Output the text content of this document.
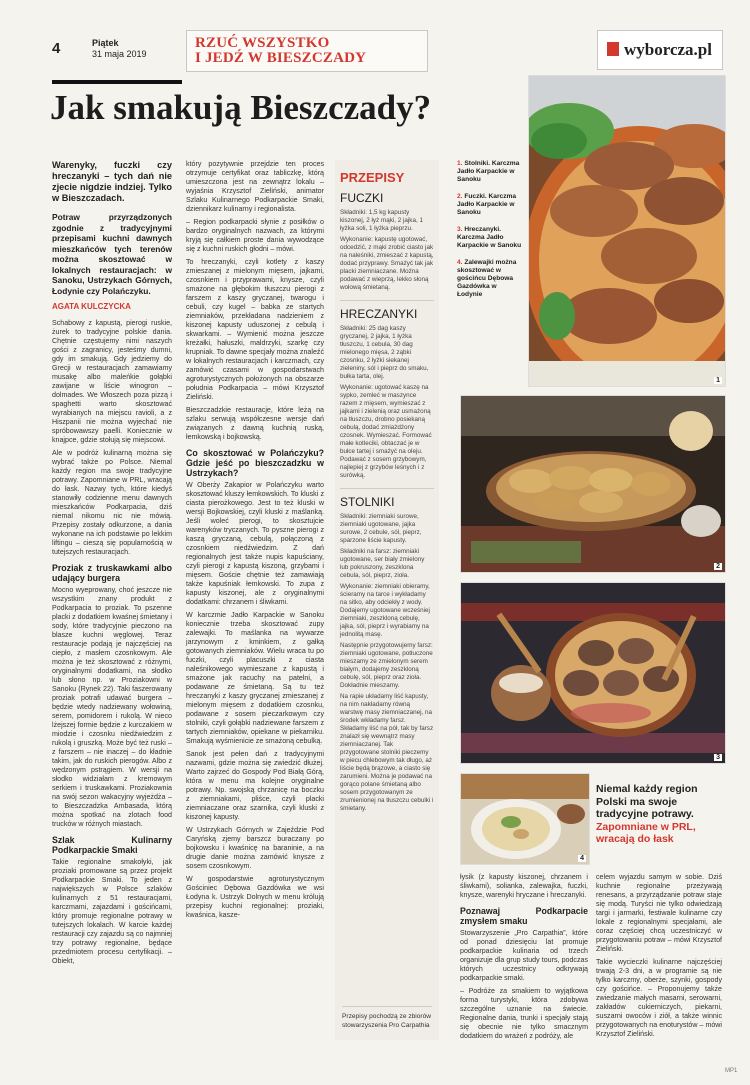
4	Piątek
31 maja 2019
RZUĆ WSZYSTKO
I JEDŹ W BIESZCZADY	wyborcza.pl
Jak smakują Bieszczady?

Warenyky, fuczki czy hreczanyki – tych dań nie zjecie nigdzie indziej. Tylko w Bieszczadach.

Potraw przyrządzonych zgodnie z tradycyjnymi przepisami kuchni dawnych mieszkańców tych terenów można skosztować w lokalnych restauracjach: w Sanoku, Ustrzykach Górnych, Łodynie czy Polańczyku.

AGATA KULCZYCKA

Schabowy z kapustą, pierogi ruskie, żurek to tradycyjne polskie dania. Chętnie częstujemy nimi naszych gości z zagranicy, jesteśmy dumni, gdy im smakują. Gdy jedziemy do Grecji w restauracjach zamawiamy musakę albo maleńkie gołąbki zawijane w liście winogron – dolmades. We Włoszech poza pizzą i spaghetti warto skosztować wyrabianych na miejscu ravioli, a z Hiszpanii nie można wyjechać nie spróbowawszy paelli. Koniecznie w knajpce, gdzie stołują się miejscowi.

Ale w podróż kulinarną można się wybrać także po Polsce. Niemal każdy region ma swoje tradycyjne potrawy. Zapomniane w PRL, wracają do łask. Nazwy tych, które kiedyś stanowiły codzienne menu dawnych mieszkańców Podkarpacia, dziś niemal nikomu nic nie mówią. Przepisy zostały odkurzone, a dania wykonane na ich podstawie po lekkim liftingu – cieszą się popularnością w tutejszych restauracjach.

Proziak z truskawkami albo udający burgera

Mocno wyeprowany, choć jeszcze nie wszystkim znany produkt z Podkarpacia to proziak. To pszenne placki z dodatkiem kwaśnej śmietany i sody, które tradycyjnie pieczono na blasze kuchni węglowej. Teraz restauracje podają je najczęściej na ciepło, z masłem czosnkowym. Ale można je też skosztować z różnymi, oryginalnymi dodatkami, na słodko lub słono np. w Proziakowni w Sanoku (Rynek 22). Taki faszerowany proziak potrafi udawać burgera – będzie wtedy nadziewany wołowiną, serem, pomidorem i rukolą. W nieco lżejszej formie będzie z kurczakiem w miodzie i czosnku niedźwiedzim z rukolą i gruszką. Może być też ruski – z farszem – nie inaczej – do kładnie takim, jak do ruskich pierogów. Albo z wędzonym pstrągiem. W wersji na słodko widziałam z kremowym serkiem i truskawkami. Proziakownia na swój sezon wakacyjny wyjeżdża – to Bieszczadzka Ambasada, którą można spotkać na zlotach food trucków w różnych miastach.

Szlak Kulinarny Podkarpackie Smaki

Takie regionalne smakołyki, jak proziaki promowane są przez projekt Podkarpackie Smaki. To jeden z największych w Polsce szlaków kulinarnych z 51 restauracjami, karczmami, zajazdami i gościńcami, który promuje regionalne potrawy w tutejszych lokalach. W karcie każdej restauracji czy zajazdu są co najmniej trzy potrawy regionalne, będące przedmiotem procesu certyfikacji. – Obiekt,

który pozytywnie przejdzie ten proces otrzymuje certyfikat oraz tabliczkę, którą umieszczona jest na zewnątrz lokalu – wyjaśnia Krzysztof Zieliński, animator Szlaku Kulinarnego Podkarpackie Smaki, dziennikarz kulinarny i regionalista.

– Region podkarpacki słynie z posiłków o bardzo oryginalnych nazwach, za którymi kryją się całkiem proste dania wywodzące się z kuchni ruskich głodni – mówi.

To hreczanyki, czyli kotlety z kaszy zmieszanej z mielonym mięsem, jajkami, czosnkiem i przyprawami, knysze, czyli smażone na głębokim tłuszczu pierogi z farszem z kaszy gryczanej, twarogu i cebuli, czy kugel – babka ze startych ziemniaków, przekładana nadzieniem z kiszonej kapusty uduszonej z cebulą i skwarkami. – Wymienić można jeszcze kreżałki, hałuszki, maldrzyki, szarkę czy krupniak. To dawne specjały można znaleźć w lokalnych restauracjach i karczmach, czy zamówić czasami w gospodarstwach agroturystycznych położonych na obszarze południa Podkarpacia – mówi Krzysztof Zieliński.

Bieszczadzkie restauracje, które leżą na szlaku serwują współczesne wersje dań związanych z dawną kuchnią ruską, łemkowską i bojkowską.

Co skosztować w Polańczyku? Gdzie jeść po bieszczadzku w Ustrzykach?

W Oberży Zakapior w Polańczyku warto skosztować kluszy łemkowskich. To kluski z ciasta pierożkowego. Jest to też kluski w wersji Bojkowskiej, czyli kluski z maślanką. Jeśli woleć pierogi, to skosztujcie warenyków tryczanych. To pyszne pierogi z kaszą gryczaną, cebulą, połączoną z czosnkiem niedźwiedzim. Z dań regionalnych jest także nupis kapuściany, czyli pierogi z kapustą kiszoną, grzybami i mięsem. Goście chętnie też zamawiają także kapuśniak łemkowski. To zupa z kapusty kiszonej, ale z oryginalnymi dodatkami: chrzanem i śliwkami.

W karczmie Jadło Karpackie w Sanoku koniecznie trzeba skosztować zupy zalewajki. To maślanka na wywarze jarzynowym z kminkiem, z gałką gotowanych ziemniaków. Wielu wraca tu po fuczki, czyli placuszki z ciasta naleśnikowego wymieszane z kapustą i smażone jak racuchy na patelni, a podawane ze śmietaną. Są tu też hreczanyki z kaszy gryczanej zmieszanej z mielonym mięsem z dodatkiem czosnku, podawane z sosem pieczarkowym czy stolniki, czyli gołąbki nadziewane farszem z tartych ziemniaków, opiekane w piekarniku. Smakują wyśmienicie ze smażoną cebulką.

Sanok jest pełen dań z tradycyjnymi nazwami, gdzie można się zwiedzić dłużej. Warto zajrzeć do Gospody Pod Białą Górą, która w menu ma kolejne oryginalne potrawy. Np. swojską chrzanicę na boczku z ziemniakami, pliśce, czyli placki ziemniaczane oraz szarnika, czyli kluski z kiszonej kapusty.

W Ustrzykach Górnych w Zajeździe Pod Caryńską zjemy barszcz buraczany po bojkowsku i kwaśnicę na baraninie, a na drugie danie można zamówić knysze z sosem czosnkowym.

W gospodarstwie agroturystycznym Gościniec Dębowa Gazdówka we wsi Łodyna k. Ustrzyk Dolnych w menu królują przepisy kuchni regionalnej: proziaki, kwaśnica, kasze-

PRZEPISY
FUCZKI

Składniki: 1,5 kg kapusty kiszonej, 2 łyż mąki, 2 jajka, 1 łyżka soli, 1 łyżka pieprzu.

Wykonanie: kapustę ugotować, odcedzić, z mąki zrobić ciasto jak na naleśniki, zmieszać z kapustą, dodać przyprawy. Smażyć tak jak placki ziemniaczane. Można podawać z wieprzą, lekko słoną wołową śmietaną.

HRECZANYKI

Składniki: 25 dag kaszy gryczanej, 2 jajka, 1 łyżka tłuszczu, 1 cebula, 30 dag mielonego mięsa, 2 ząbki czosnku, 2 łyżki siekanej zieleniny, sól i pieprz do smaku, bułka tarta, olej.

Wykonanie: ugotować kaszę na sypko, zemleć w maszynce razem z mięsem, wymieszać z jajkami i zielenią oraz usmażoną na tłuszczu, drobno posiekaną cebulą, dodać zmiażdżony czosnek. Wymieszać. Formować małe kotleciki, obtaczać je w bułce tartej i smażyć na oleju. Podawać z sosem grzybowym, najlepiej z grzybów leśnych i z surówką.

STOLNIKI

Składniki: ziemniaki surowe, ziemniaki ugotowane, jajka surowe, 2 cebule, sól, pieprz, sparzone liście kapusty.

Składniki na farsz: ziemniaki ugotowane, ser biały zmielony lub pokruszony, zeszklona cebula, sól, pieprz, zioła.

Wykonanie: ziemniaki obieramy, ścieramy na tarce i wykładamy na sitko, aby odciekły z wody. Dodajemy ugotowane wcześniej ziemniaki, zeszkloną cebulę, jajka, sól, pieprz i wyrabiamy na jednolitą masę.

Następnie przygotowujemy farsz: ziemniaki ugotowane, potłuczone mieszamy ze zmielonym serem białym, dodajemy zeszkloną cebulę, sól, pieprz oraz zioła. Dokładnie mieszamy.

Na rapie układamy liść kapusty, na nim nakładamy równą warstwę masy ziemniaczanej, na środek wkładamy farsz. Składamy liść na pół, tak by farsz znalazł się wewnątrz masy ziemniaczanej. Tak przygotowane stolniki pieczemy w piecu chlebowym tak długo, aż liście będą brązowe, a ciasto się zarumieni. Można je podawać na gorąco polane śmietaną albo sosem przygotowanym ze zrumienionej na tłuszczu cebulki i śmietany.

Przepisy pochodzą ze zbiorów stowarzyszenia Pro Carpathia
1. Stolniki. Karczma Jadło Karpackie w Sanoku
2. Fuczki. Karczma Jadło Karpackie w Sanoku
3. Hreczanyki. Karczma Jadło Karpackie w Sanoku
4. Zalewajki można skosztować w gościńcu Dębowa Gazdówka w Łodynie
1
2
3
4
Niemal każdy region Polski ma swoje tradycyjne potrawy.
Zapomniane w PRL, wracają do łask

łysik (z kapusty kiszonej, chrzanem i śliwkami), solianka, zalewajka, fuczki, knysze, warenyki hryczane i hreczanyki.

Poznawaj Podkarpacie zmysłem smaku

Stowarzyszenie „Pro Carpathia”, które od ponad dziesięciu lat promuje podkarpackie kulinaria od trzech organizuje dla grup study tours, podczas których uczestnicy odkrywają podkarpackie smaki.

– Podróże za smakiem to wyjątkowa forma turystyki, która zdobywa szczególne uznanie na świecie. Regionalne dania, trunki i specjały stają się obecnie nie tylko smacznym dodatkiem do wrażeń z podróży, ale

celem wyjazdu samym w sobie. Dziś kuchnie regionalne przeżywają renesans, a przyrządzanie potraw staje się modą. Turyści nie tylko odwiedzają targi i jarmarki, festiwale kulinarne czy lokale z regionalnymi specjałami, ale coraz częściej chcą uczestniczyć w przygotowaniu potraw – mówi Krzysztof Zieliński.

Takie wycieczki kulinarne najczęściej trwają 2-3 dni, a w programie są nie tylko karczmy, oberże, szynki, gospody czy gościńce. – Proponujemy także zwiedzanie małych masarni, serowarni, zakładów cukierniczych, piekarni, suszarni owoców i ziół, a także winnic przygotowanych na enoturystów – mówi Krzysztof Zieliński.

MP1
